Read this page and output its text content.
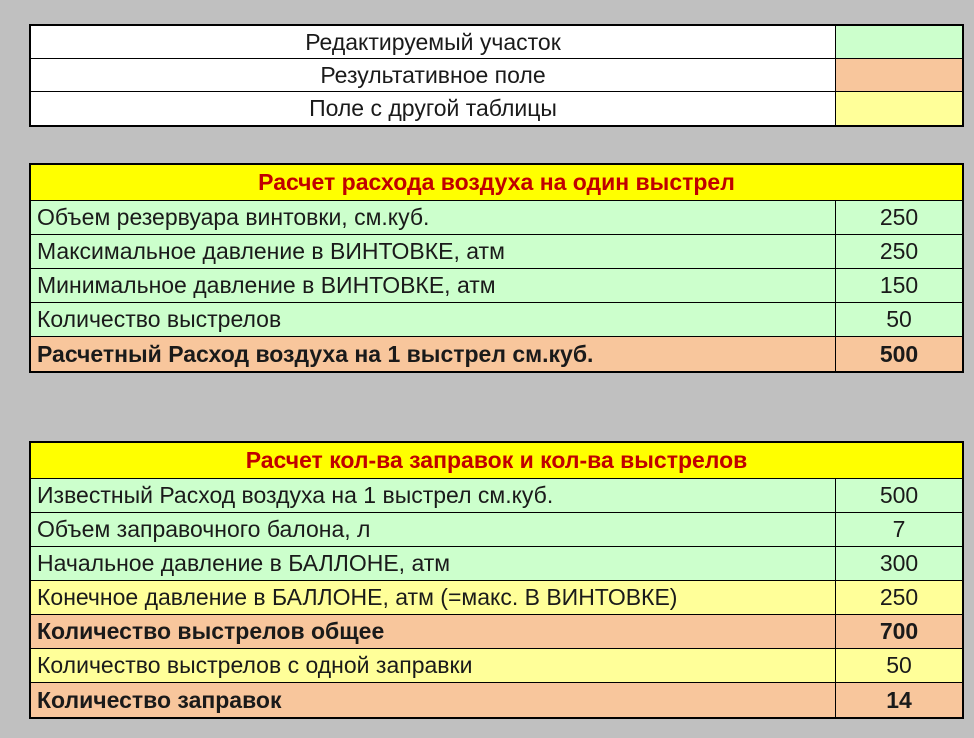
Редактируемый участок
Результативное поле
Поле с другой таблицы
Расчет расхода воздуха на один выстрел
Объем резервуара винтовки, см.куб.	250
Максимальное давление в ВИНТОВКЕ, атм	250
Минимальное давление в ВИНТОВКЕ, атм	150
Количество выстрелов	50
Расчетный Расход воздуха на 1 выстрел см.куб.	500
Расчет кол-ва заправок и кол-ва выстрелов
Известный Расход воздуха на 1 выстрел см.куб.	500
Объем заправочного балона, л	7
Начальное давление в БАЛЛОНЕ, атм	300
Конечное давление в БАЛЛОНЕ, атм (=макс. В ВИНТОВКЕ)	250
Количество выстрелов общее	700
Количество выстрелов с одной заправки	50
Количество заправок	14
